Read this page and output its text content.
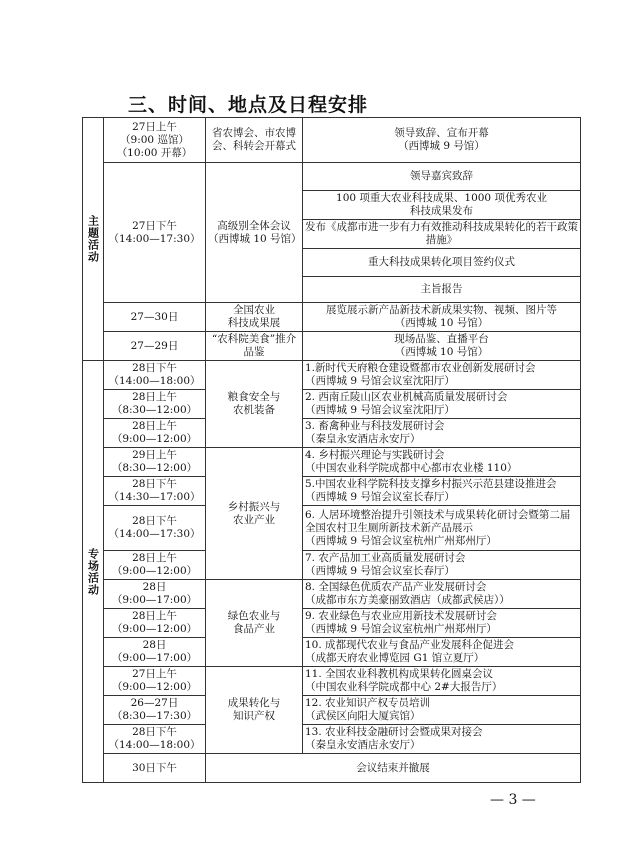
三、时间、地点及日程安排
主题活动	27日上午
（9:00 巡馆）
（10:00 开幕）	省农博会、市农博会、科转会开幕式	领导致辞、宣布开幕
（西博城 9 号馆）
	27日下午
（14:00—17:30）	高级别全体会议
（西博城 10 号馆）	领导嘉宾致辞
			100 项重大农业科技成果、1000 项优秀农业
科技成果发布
			发布《成都市进一步有力有效推动科技成果转化的若干政策措施》
			重大科技成果转化项目签约仪式
			主旨报告
	27—30日	全国农业
科技成果展	展览展示新产品新技术新成果实物、视频、图片等
（西博城 10 号馆）
	27—29日	“农科院美食”推介品鉴	现场品鉴、直播平台
（西博城 10 号馆）

专场活动	28日下午
（14:00—18:00）	粮食安全与
农机装备	1.新时代天府粮仓建设暨都市农业创新发展研讨会
（西博城 9 号馆会议室沈阳厅）
	28日上午
（8:30—12:00）		2. 西南丘陵山区农业机械高质量发展研讨会
（西博城 9 号馆会议室沈阳厅）
	28日上午
（9:00—12:00）		3. 畜禽种业与科技发展研讨会
（秦皇永安酒店永安厅）
	29日上午
（8:30—12:00）	乡村振兴与
农业产业	4. 乡村振兴理论与实践研讨会
（中国农业科学院成都中心都市农业楼 110）
	28日下午
（14:30—17:00）		5.中国农业科学院科技支撑乡村振兴示范县建设推进会
（西博城 9 号馆会议室长春厅）
	28日下午
（14:00—17:30）		6. 人居环境整治提升引领技术与成果转化研讨会暨第二届全国农村卫生厕所新技术新产品展示
（西博城 9 号馆会议室杭州广州郑州厅）
	28日上午
（9:00—12:00）		7. 农产品加工业高质量发展研讨会
（西博城 9 号馆会议室长春厅）
	28日
（9:00—17:00）	绿色农业与
食品产业	8. 全国绿色优质农产品产业发展研讨会
（成都市东方美豪丽致酒店（成都武侯店））
	28日上午
（9:00—12:00）		9. 农业绿色与农业应用新技术发展研讨会
（西博城 9 号馆会议室杭州广州郑州厅）
	28日
（9:00—17:00）		10. 成都现代农业与食品产业发展科企促进会
（成都天府农业博览园 G1 馆立夏厅）
	27日上午
（9:00—12:00）	成果转化与
知识产权	11. 全国农业科教机构成果转化圆桌会议
（中国农业科学院成都中心 2#大报告厅）
	26—27日
（8:30—17:30）		12. 农业知识产权专员培训
（武侯区向阳大厦宾馆）
	28日下午
（14:00—18:00）		13. 农业科技金融研讨会暨成果对接会
（秦皇永安酒店永安厅）
	30日下午	会议结束并撤展	
— 3 —
